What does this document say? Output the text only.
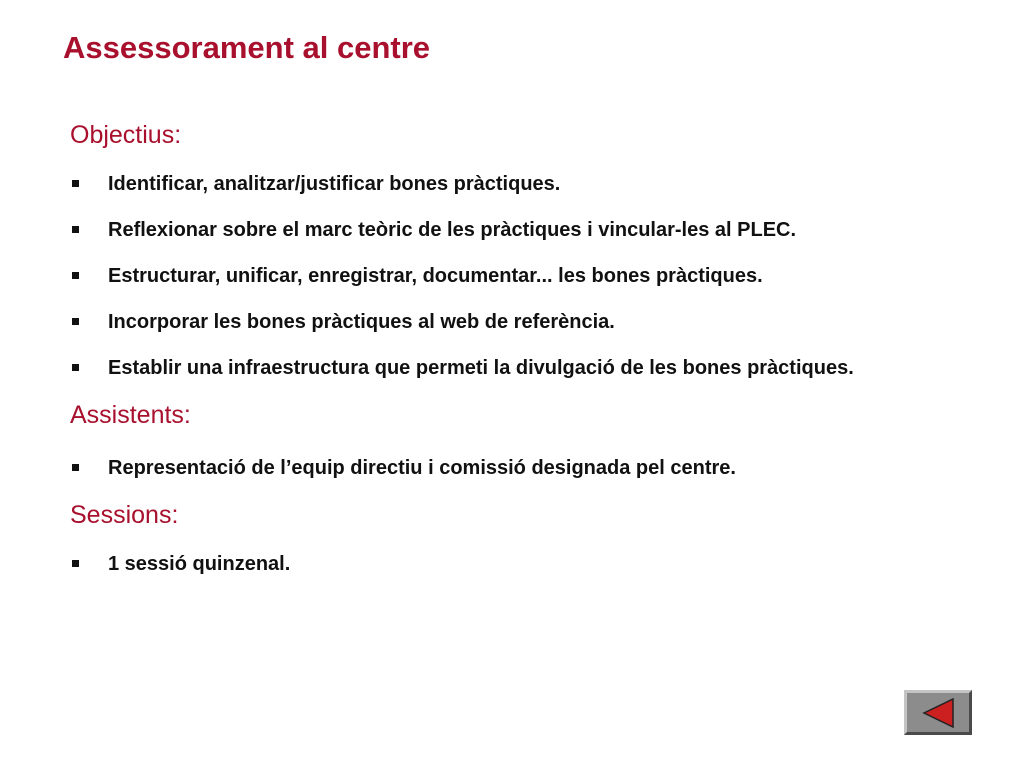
Assessorament al centre
Objectius:
Identificar, analitzar/justificar bones pràctiques.
Reflexionar sobre el marc teòric de les pràctiques i vincular-les al PLEC.
Estructurar, unificar, enregistrar, documentar... les bones pràctiques.
Incorporar les bones pràctiques al web de referència.
Establir una infraestructura que permeti la divulgació de les bones pràctiques.
Assistents:
Representació de l’equip directiu i comissió designada pel centre.
Sessions:
1 sessió quinzenal.
